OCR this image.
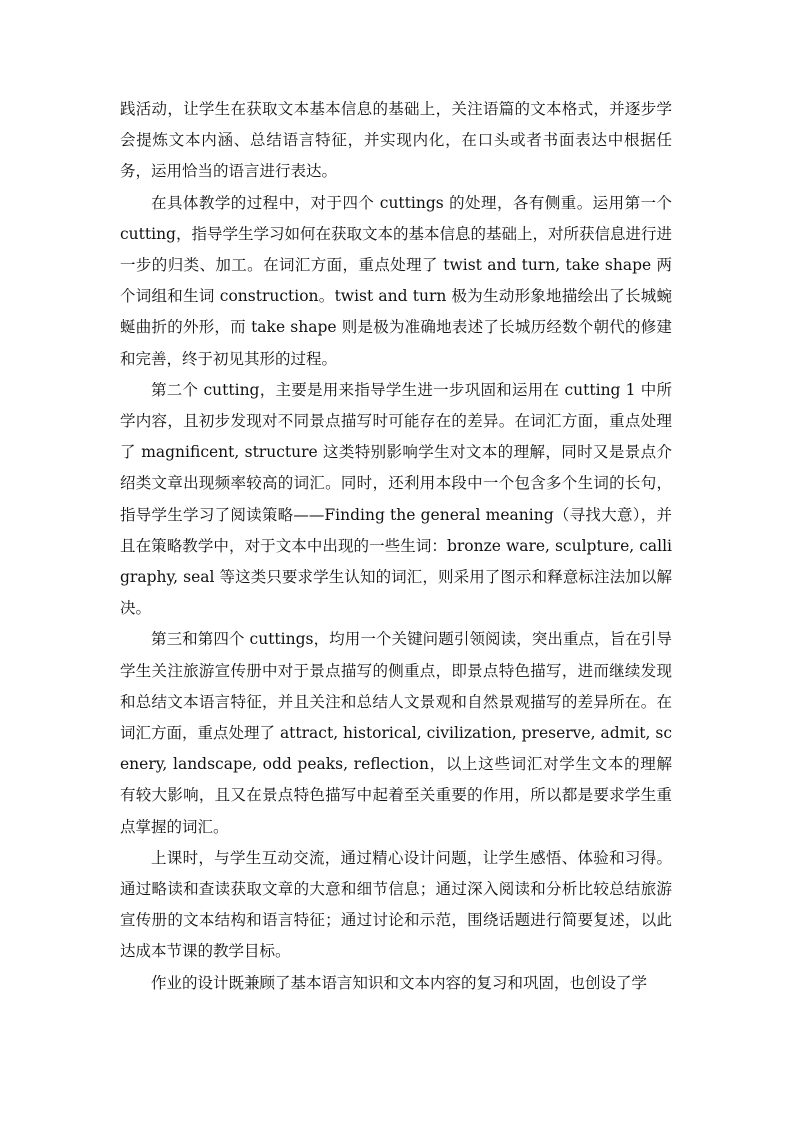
践活动，让学生在获取文本基本信息的基础上，关注语篇的文本格式，并逐步学会提炼文本内涵、总结语言特征，并实现内化，在口头或者书面表达中根据任务，运用恰当的语言进行表达。

在具体教学的过程中，对于四个 cuttings 的处理，各有侧重。运用第一个 cutting，指导学生学习如何在获取文本的基本信息的基础上，对所获信息进行进一步的归类、加工。在词汇方面，重点处理了 twist and turn, take shape 两个词组和生词 construction。twist and turn 极为生动形象地描绘出了长城蜿蜒曲折的外形，而 take shape 则是极为准确地表述了长城历经数个朝代的修建和完善，终于初见其形的过程。

第二个 cutting，主要是用来指导学生进一步巩固和运用在 cutting 1 中所学内容，且初步发现对不同景点描写时可能存在的差异。在词汇方面，重点处理了 magnificent, structure 这类特别影响学生对文本的理解，同时又是景点介绍类文章出现频率较高的词汇。同时，还利用本段中一个包含多个生词的长句，指导学生学习了阅读策略——Finding the general meaning（寻找大意），并且在策略教学中，对于文本中出现的一些生词：bronze ware, sculpture, calligraphy, seal 等这类只要求学生认知的词汇，则采用了图示和释意标注法加以解决。

第三和第四个 cuttings，均用一个关键问题引领阅读，突出重点，旨在引导学生关注旅游宣传册中对于景点描写的侧重点，即景点特色描写，进而继续发现和总结文本语言特征，并且关注和总结人文景观和自然景观描写的差异所在。在词汇方面，重点处理了 attract, historical, civilization, preserve, admit, scenery, landscape, odd peaks, reflection，以上这些词汇对学生文本的理解有较大影响，且又在景点特色描写中起着至关重要的作用，所以都是要求学生重点掌握的词汇。

上课时，与学生互动交流，通过精心设计问题，让学生感悟、体验和习得。通过略读和查读获取文章的大意和细节信息；通过深入阅读和分析比较总结旅游宣传册的文本结构和语言特征；通过讨论和示范，围绕话题进行简要复述，以此达成本节课的教学目标。

作业的设计既兼顾了基本语言知识和文本内容的复习和巩固，也创设了学
